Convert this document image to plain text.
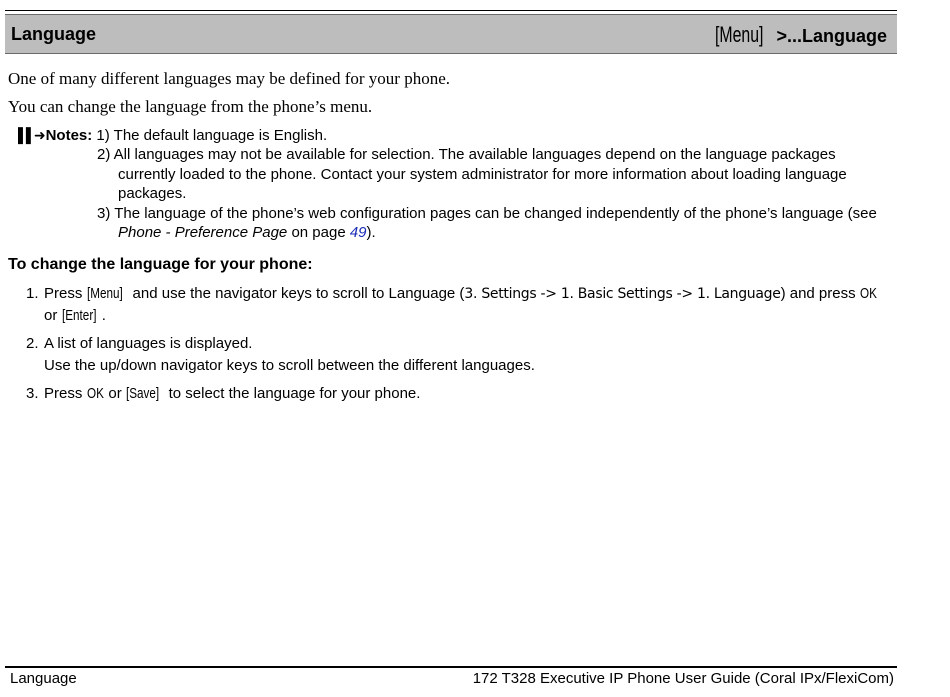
Language	[Menu] >...Language
One of many different languages may be defined for your phone.
You can change the language from the phone’s menu.
▌▌➜ Notes: 1) The default language is English.
2) All languages may not be available for selection. The available languages depend on the language packages currently loaded to the phone. Contact your system administrator for more information about loading language packages.
3) The language of the phone’s web configuration pages can be changed independently of the phone’s language (see Phone - Preference Page on page 49).
To change the language for your phone:
1. Press [Menu] and use the navigator keys to scroll to Language (3. Settings -> 1. Basic Settings -> 1. Language) and press OK or [Enter] .
2. A list of languages is displayed.
Use the up/down navigator keys to scroll between the different languages.
3. Press OK or [Save] to select the language for your phone.
Language	172 T328 Executive IP Phone User Guide (Coral IPx/FlexiCom)
